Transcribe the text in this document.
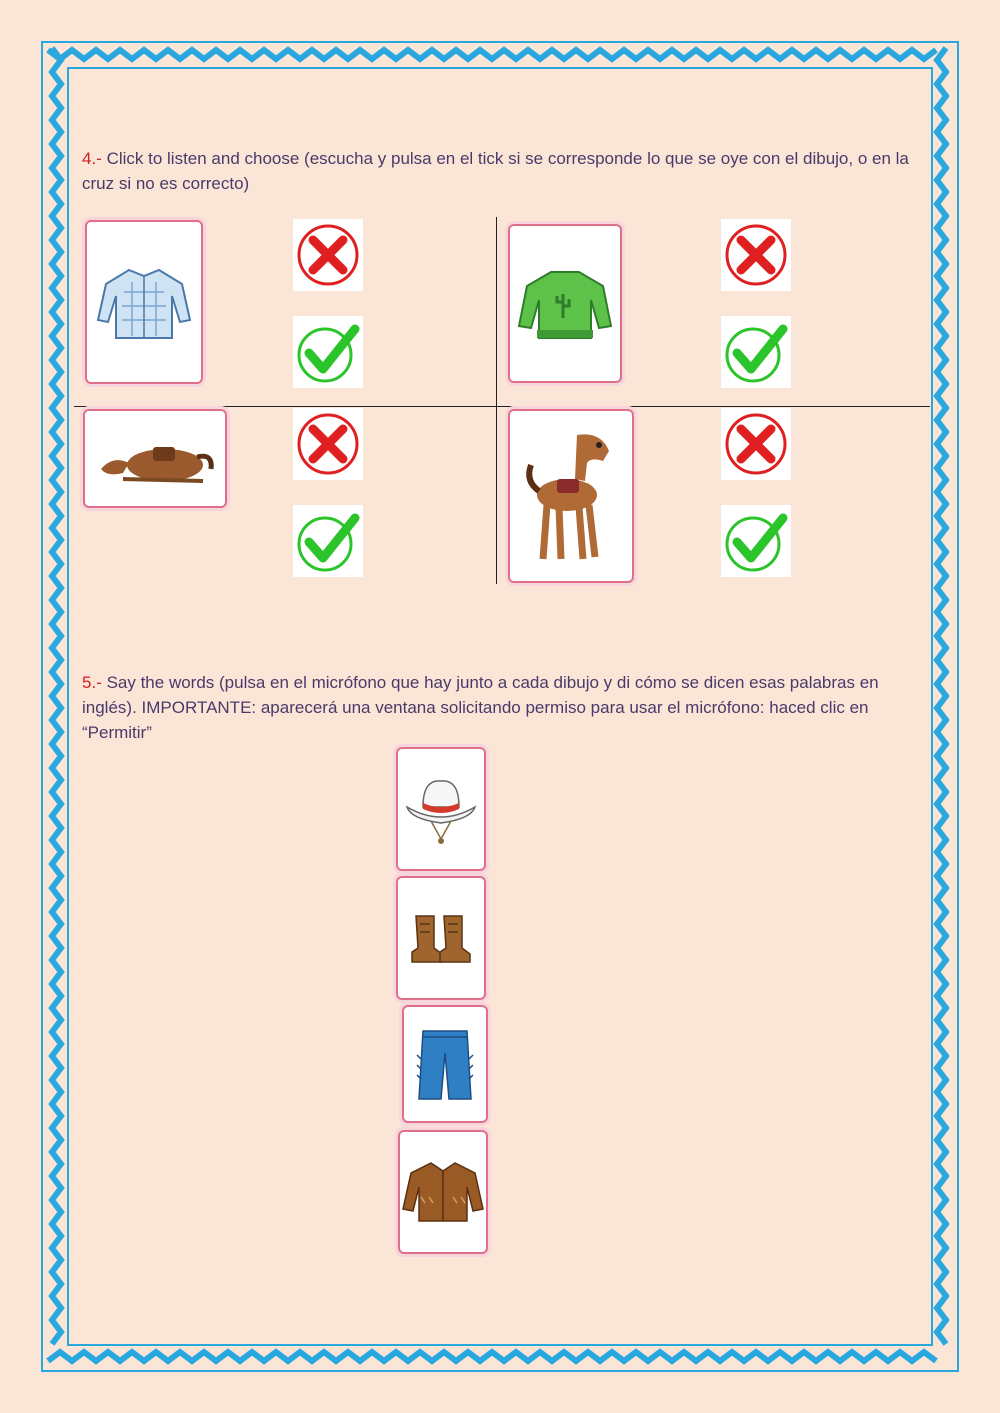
4.- Click to listen and choose (escucha y pulsa en el tick si se corresponde lo que se oye con el dibujo, o en la cruz si no es correcto)
5.- Say the words (pulsa en el micrófono que hay junto a cada dibujo y di cómo se dicen esas palabras en inglés). IMPORTANTE: aparecerá una ventana solicitando permiso para usar el micrófono: haced clic en “Permitir”
